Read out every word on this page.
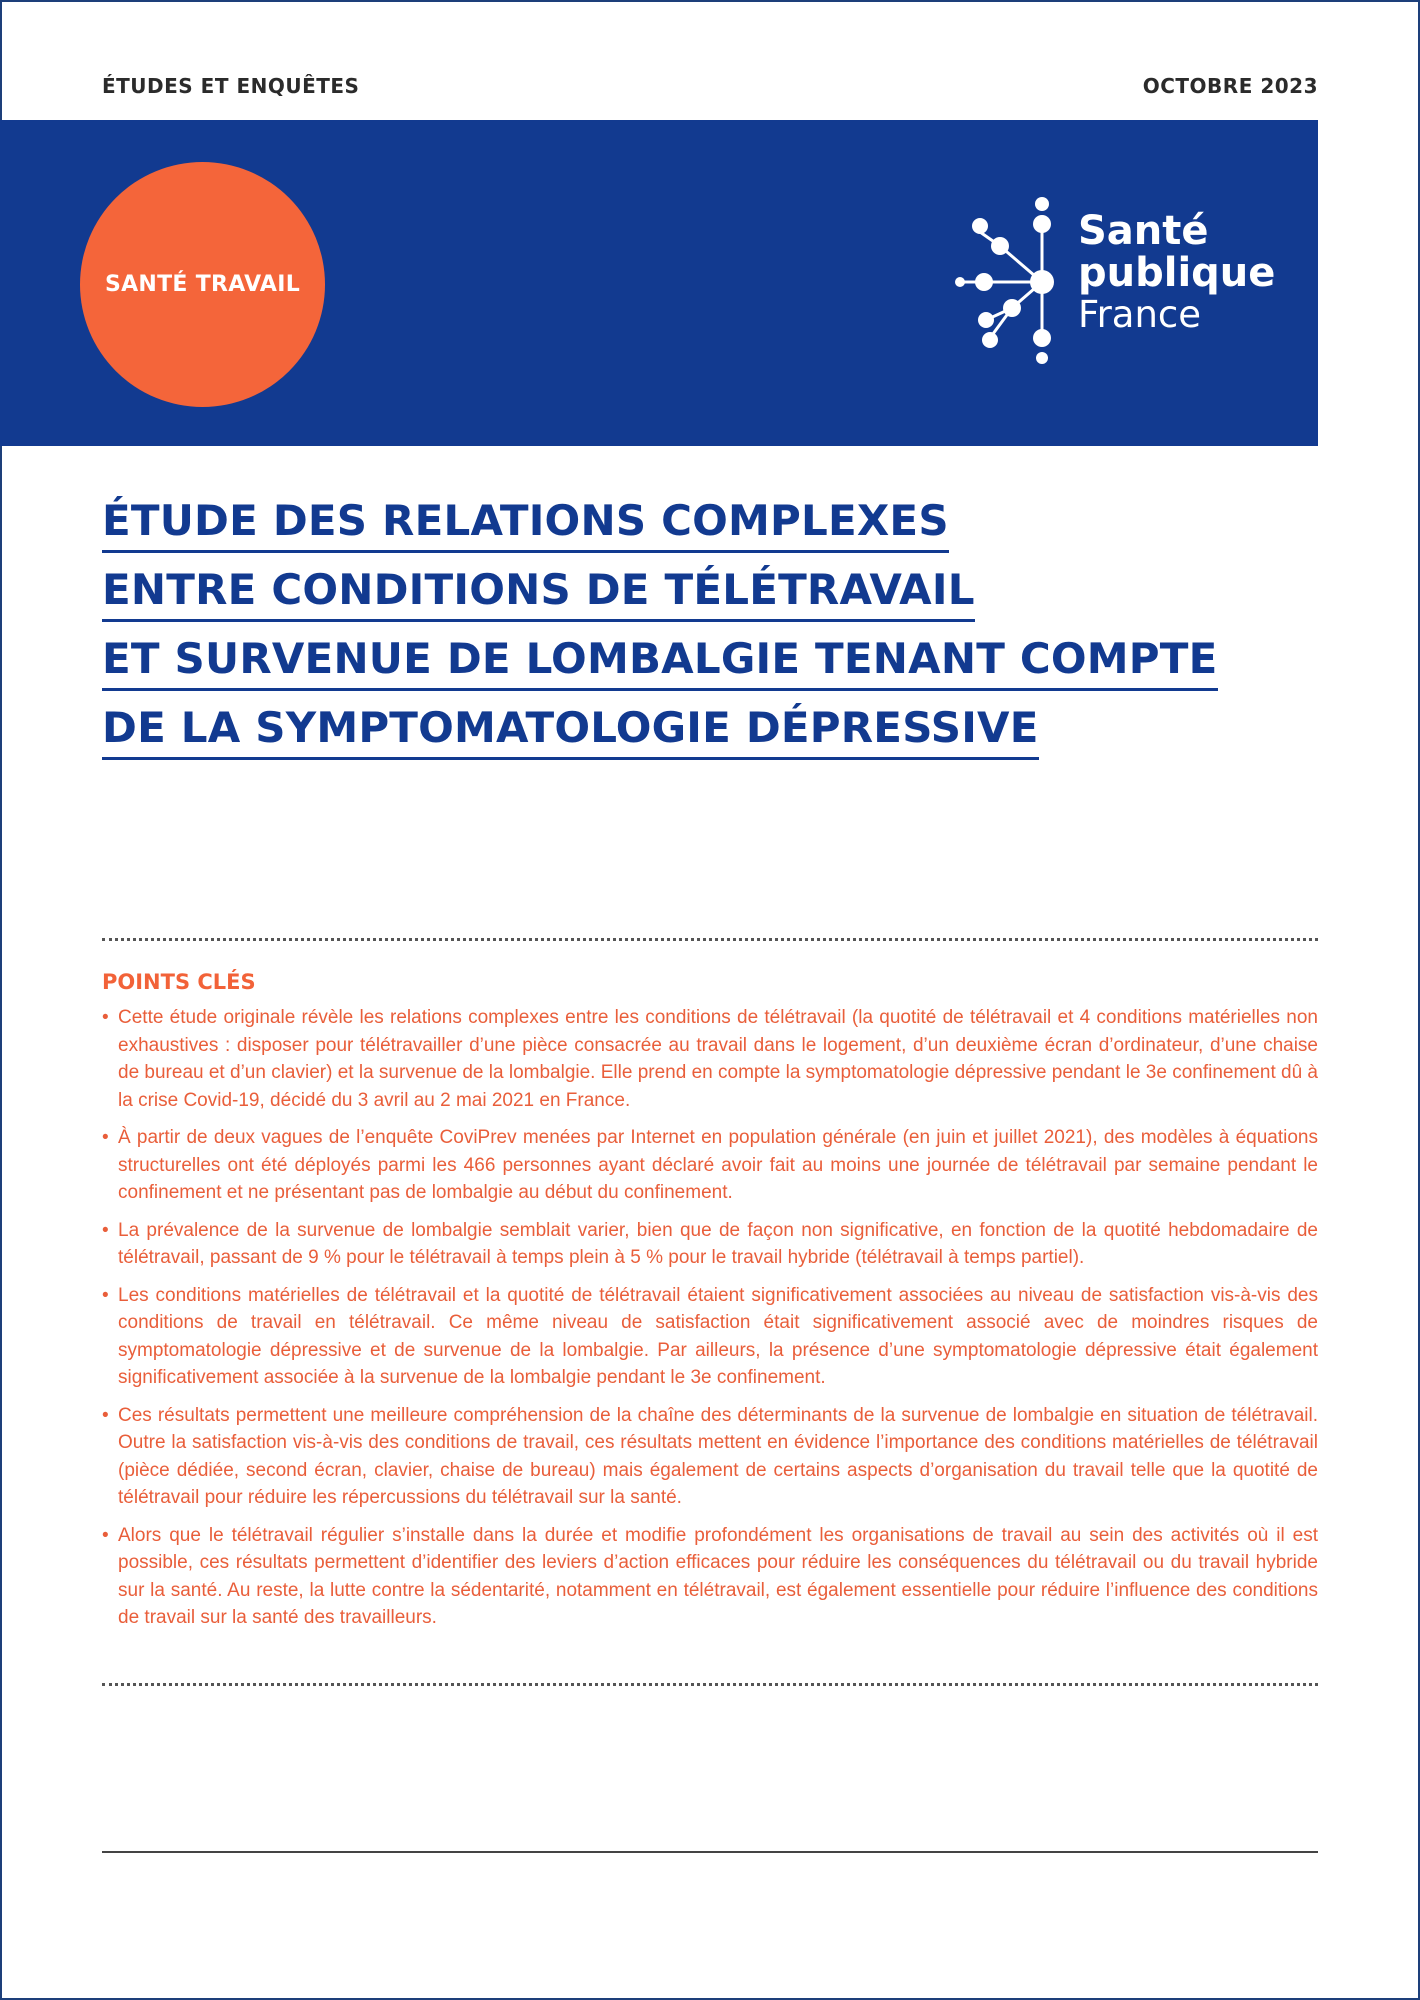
ÉTUDES ET ENQUÊTES	OCTOBRE 2023
SANTÉ TRAVAIL
Santé
publique
France
ÉTUDE DES RELATIONS COMPLEXES
ENTRE CONDITIONS DE TÉLÉTRAVAIL
ET SURVENUE DE LOMBALGIE TENANT COMPTE
DE LA SYMPTOMATOLOGIE DÉPRESSIVE
POINTS CLÉS
• Cette étude originale révèle les relations complexes entre les conditions de télétravail (la quotité de télétravail et 4 conditions matérielles non exhaustives : disposer pour télétravailler d’une pièce consacrée au travail dans le logement, d’un deuxième écran d’ordinateur, d’une chaise de bureau et d’un clavier) et la survenue de la lombalgie. Elle prend en compte la symptomatologie dépressive pendant le 3e confinement dû à la crise Covid-19, décidé du 3 avril au 2 mai 2021 en France.
• À partir de deux vagues de l’enquête CoviPrev menées par Internet en population générale (en juin et juillet 2021), des modèles à équations structurelles ont été déployés parmi les 466 personnes ayant déclaré avoir fait au moins une journée de télétravail par semaine pendant le confinement et ne présentant pas de lombalgie au début du confinement.
• La prévalence de la survenue de lombalgie semblait varier, bien que de façon non significative, en fonction de la quotité hebdomadaire de télétravail, passant de 9 % pour le télétravail à temps plein à 5 % pour le travail hybride (télétravail à temps partiel).
• Les conditions matérielles de télétravail et la quotité de télétravail étaient significativement associées au niveau de satisfaction vis-à-vis des conditions de travail en télétravail. Ce même niveau de satisfaction était significativement associé avec de moindres risques de symptomatologie dépressive et de survenue de la lombalgie. Par ailleurs, la présence d’une symptomatologie dépressive était également significativement associée à la survenue de la lombalgie pendant le 3e confinement.
• Ces résultats permettent une meilleure compréhension de la chaîne des déterminants de la survenue de lombalgie en situation de télétravail. Outre la satisfaction vis-à-vis des conditions de travail, ces résultats mettent en évidence l’importance des conditions matérielles de télétravail (pièce dédiée, second écran, clavier, chaise de bureau) mais également de certains aspects d’organisation du travail telle que la quotité de télétravail pour réduire les répercussions du télétravail sur la santé.
• Alors que le télétravail régulier s’installe dans la durée et modifie profondément les organisations de travail au sein des activités où il est possible, ces résultats permettent d’identifier des leviers d’action efficaces pour réduire les conséquences du télétravail ou du travail hybride sur la santé. Au reste, la lutte contre la sédentarité, notamment en télétravail, est également essentielle pour réduire l’influence des conditions de travail sur la santé des travailleurs.
